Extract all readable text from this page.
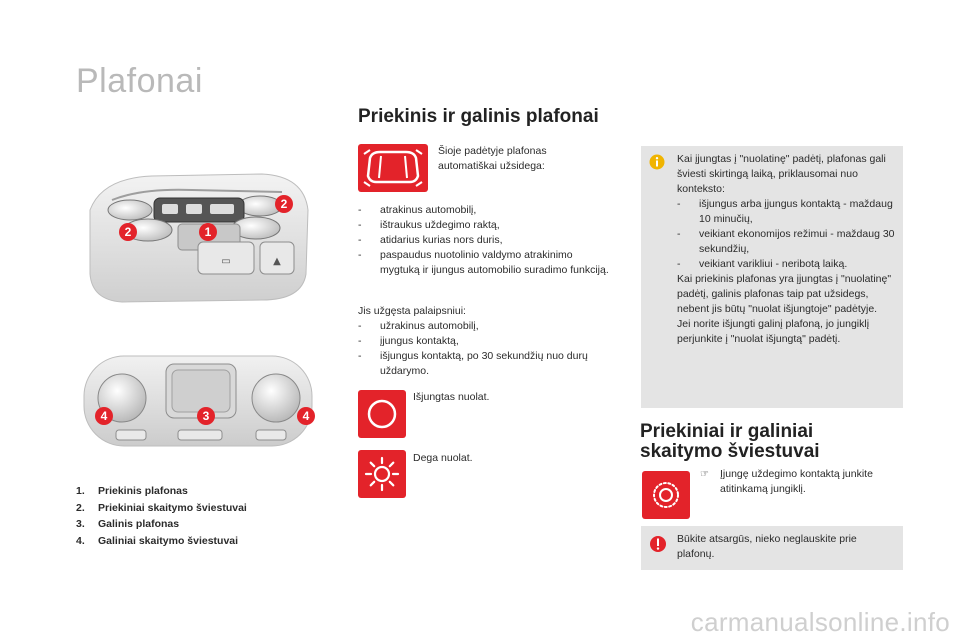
Plafonai
Priekinis ir galinis plafonai
▭	▲
2	1
2
4	3	4
1. Priekinis plafonas
2. Priekiniai skaitymo šviestuvai
3. Galinis plafonas
4. Galiniai skaitymo šviestuvai
Šioje padėtyje plafonas automatiškai užsidega:
- atrakinus automobilį,
- ištraukus uždegimo raktą,
- atidarius kurias nors duris,
- paspaudus nuotolinio valdymo atrakinimo mygtuką ir ijungus automobilio suradimo funkciją.
Jis užgęsta palaipsniui:
- užrakinus automobilį,
- įjungus kontaktą,
- išjungus kontaktą, po 30 sekundžių nuo durų uždarymo.
Išjungtas nuolat.
Dega nuolat.
Kai įjungtas į "nuolatinę" padėtį, plafonas gali šviesti skirtingą laiką, priklausomai nuo konteksto:
- išjungus arba įjungus kontaktą - maždaug 10 minučių,
- veikiant ekonomijos režimui - maždaug 30 sekundžių,
- veikiant varikliui - neribotą laiką.
Kai priekinis plafonas yra įjungtas į "nuolatinę" padėtį, galinis plafonas taip pat užsidegs, nebent jis būtų "nuolat išjungtoje" padėtyje.
Jei norite išjungti galinį plafoną, jo jungiklį perjunkite į "nuolat išjungtą" padėtį.
Priekiniai ir galiniai
skaitymo šviestuvai
☞ Įjungę uždegimo kontaktą junkite atitinkamą jungiklį.
Būkite atsargūs, nieko neglauskite prie plafonų.
carmanualsonline.info
